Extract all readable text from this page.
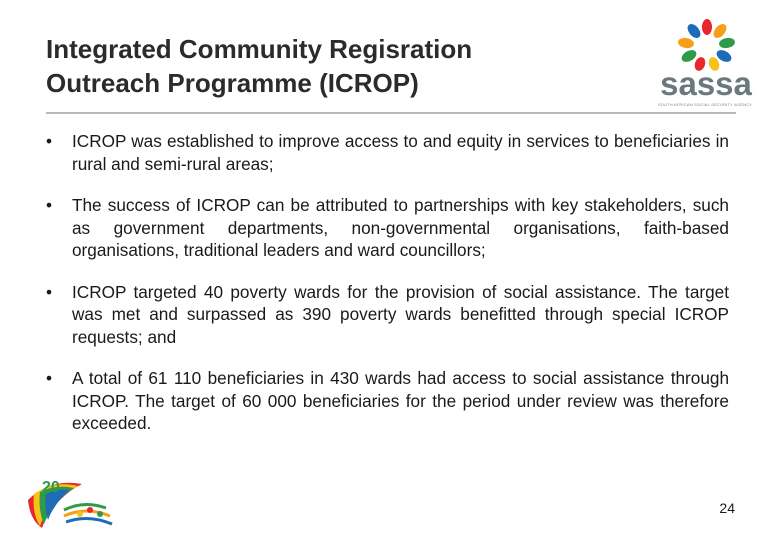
Integrated Community Regisration
Outreach Programme (ICROP)	sassa
SOUTH AFRICAN SOCIAL SECURITY AGENCY
•	ICROP was established to improve access to and equity in services to beneficiaries in rural and semi-rural areas;
•	The success of ICROP can be attributed to partnerships with key stakeholders, such as government departments, non-governmental organisations, faith-based organisations, traditional leaders and ward councillors;
•	ICROP targeted 40 poverty wards for the provision of social assistance. The target was met and surpassed as 390 poverty wards benefitted through special ICROP requests; and
•	A total of 61 110 beneficiaries in 430 wards had access to social assistance through ICROP. The target of 60 000 beneficiaries for the period under review was therefore exceeded.
20
24
